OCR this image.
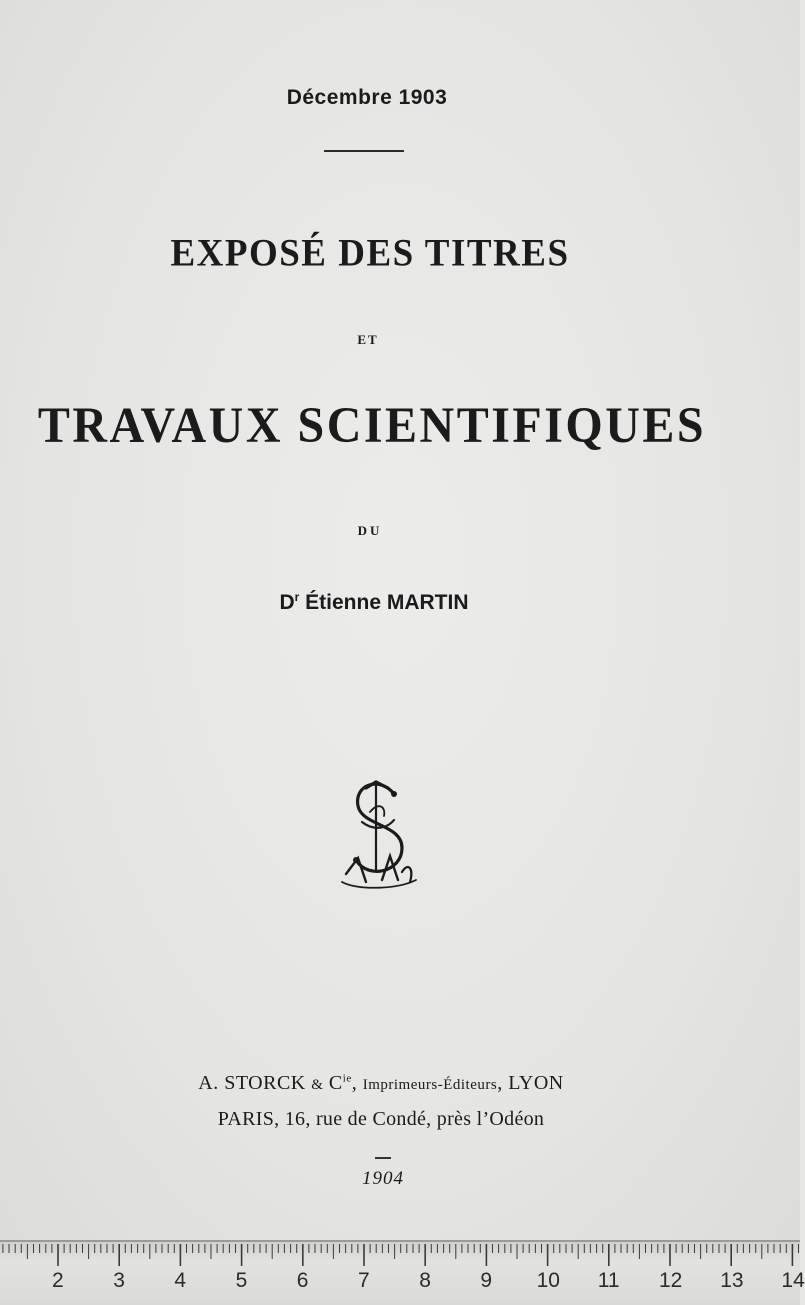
Décembre 1903
EXPOSÉ DES TITRES
ET
TRAVAUX SCIENTIFIQUES
DU
$D^r$ Étienne MARTIN
A. STORCK & $C^{ie}$, Imprimeurs-Éditeurs, LYON
PARIS, 16, rue de Condé, près l’Odéon
1904
2 3 4 5 6 7 8 9 10 11 12 13 14
